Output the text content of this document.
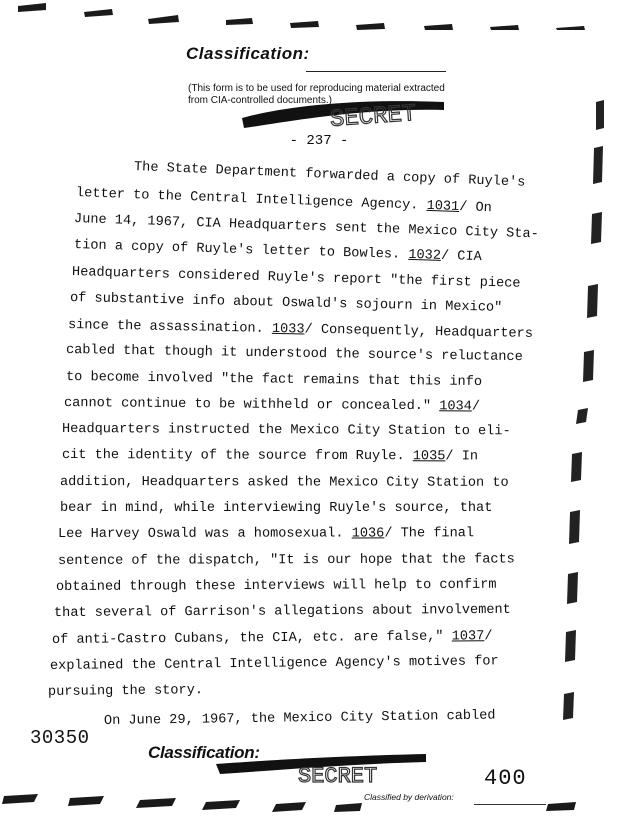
Classification:
(This form is to be used for reproducing material extracted from CIA-controlled documents.)
SECRET
- 237 -
The State Department forwarded a copy of Ruyle's
letter to the Central Intelligence Agency. 1031/ On
June 14, 1967, CIA Headquarters sent the Mexico City Sta-
tion a copy of Ruyle's letter to Bowles. 1032/ CIA
Headquarters considered Ruyle's report "the first piece
of substantive info about Oswald's sojourn in Mexico"
since the assassination. 1033/ Consequently, Headquarters
cabled that though it understood the source's reluctance
to become involved "the fact remains that this info
cannot continue to be withheld or concealed." 1034/
Headquarters instructed the Mexico City Station to eli-
cit the identity of the source from Ruyle. 1035/ In
addition, Headquarters asked the Mexico City Station to
bear in mind, while interviewing Ruyle's source, that
Lee Harvey Oswald was a homosexual. 1036/ The final
sentence of the dispatch, "It is our hope that the facts
obtained through these interviews will help to confirm
that several of Garrison's allegations about involvement
of anti-Castro Cubans, the CIA, etc. are false," 1037/
explained the Central Intelligence Agency's motives for
pursuing the story.
On June 29, 1967, the Mexico City Station cabled
30350
Classification:
SECRET	400
Classified by derivation:
